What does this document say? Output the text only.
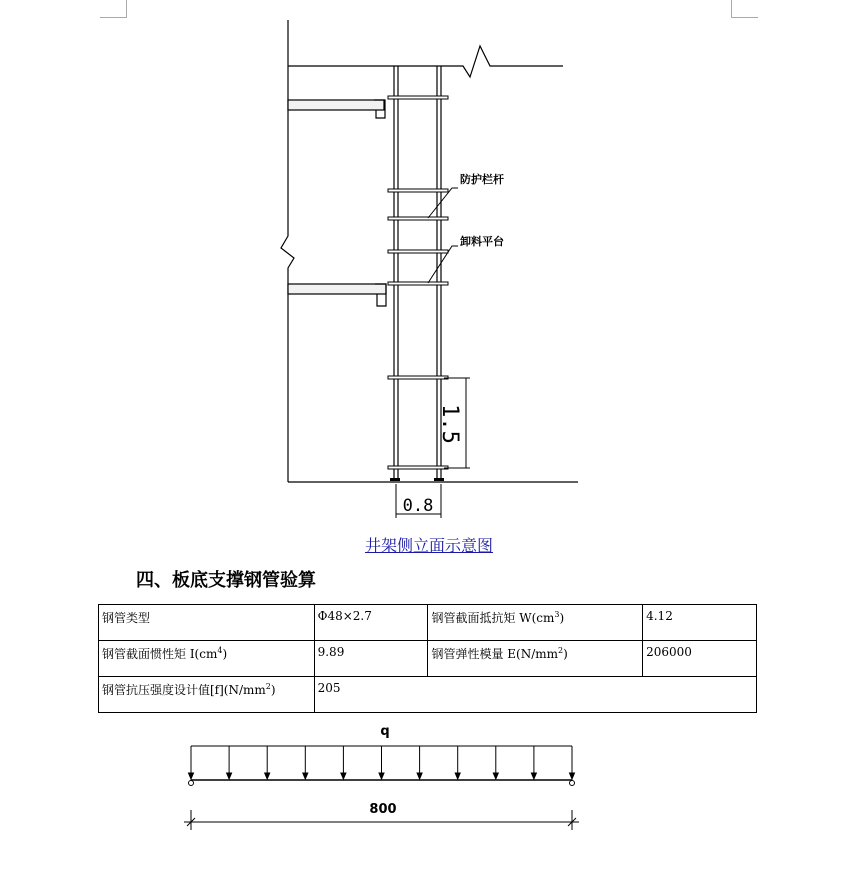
防护栏杆
卸料平台
1.5
0.8
井架侧立面示意图
四、板底支撑钢管验算
钢管类型	Φ48×2.7	钢管截面抵抗矩 $W(cm^3)$	4.12
钢管截面惯性矩 $I(cm^4)$	9.89	钢管弹性模量 $E(N/mm^2)$	206000
钢管抗压强度设计值$[f](N/mm^2)$	205		
q
800
